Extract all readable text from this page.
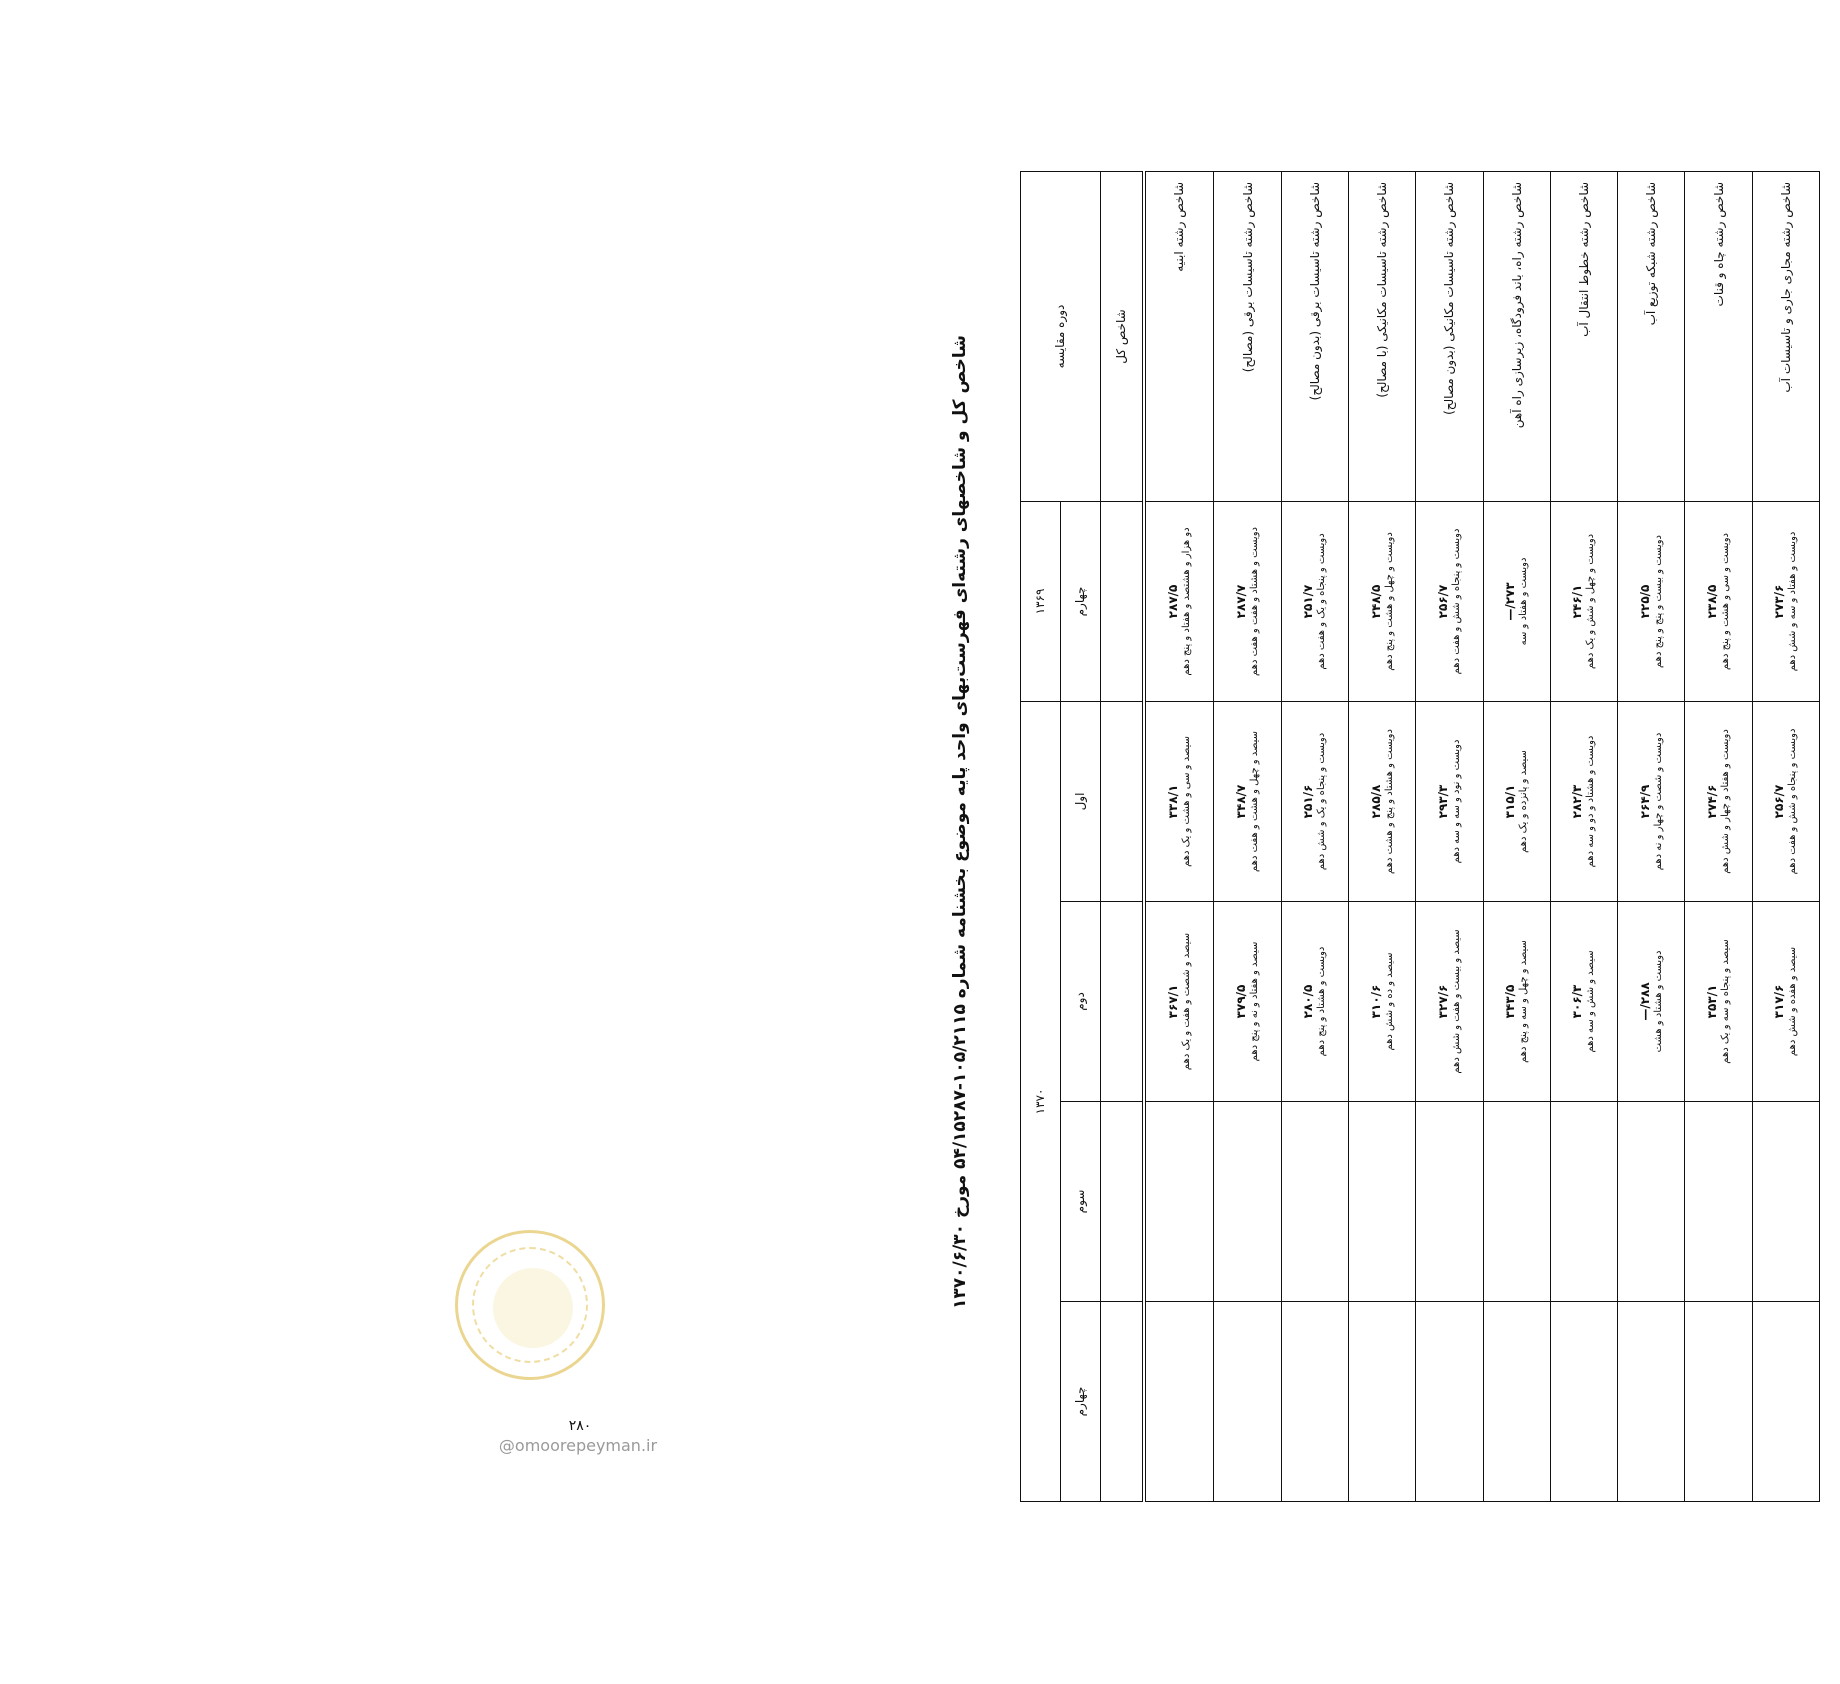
شاخص کل و شاخصهای رشته‌ای فهرست‌بهای واحد پایه موضوع بخشنامه شماره ۱۰۵/۲۱۱۵-۵۴/۱۵۲۸۷ مورخ ۱۳۷۰/۶/۳۰	دوره مقایسه	۱۳۶۹	۱۳۷۰			
	چهارم	اول	دوم	سوم	چهارم
شاخص کل					
شاخص رشته ابنیه	۲۸۷/۵ دو هزار و هشتصد و هفتاد و پنج دهم	۳۳۸/۱ سیصد و سی و هشت و یک دهم	۳۶۷/۱ سیصد و شصت و هفت و یک دهم		

شاخص رشته تاسیسات برقی (مصالح)	۲۸۷/۷ دویست و هشتاد و هفت و هفت دهم	۳۴۸/۷ سیصد و چهل و هشت و هفت دهم	۳۷۹/۵ سیصد و هفتاد و نه و پنج دهم		

شاخص رشته تاسیسات برقی (بدون مصالح)	۲۵۱/۷ دویست و پنجاه و یک و هفت دهم	۲۵۱/۶ دویست و پنجاه و یک و شش دهم	۲۸۰/۵ دویست و هشتاد و پنج دهم		

شاخص رشته تاسیسات مکانیکی (با مصالح)	۲۴۸/۵ دویست و چهل و هشت و پنج دهم	۲۸۵/۸ دویست و هشتاد و پنج و هشت دهم	۳۱۰/۶ سیصد و ده و شش دهم		

شاخص رشته تاسیسات مکانیکی (بدون مصالح)	۲۵۶/۷ دویست و پنجاه و شش و هفت دهم	۲۹۳/۳ دویست و نود و سه و سه دهم	۳۲۷/۶ سیصد و بیست و هفت و شش دهم		

شاخص رشته راه، باند فرودگاه، زیرسازی راه آهن	۲۷۳/— دویست و هفتاد و سه	۳۱۵/۱ سیصد و پانزده و یک دهم	۳۴۳/۵ سیصد و چهل و سه و پنج دهم		

شاخص رشته خطوط انتقال آب	۲۴۶/۱ دویست و چهل و شش و یک دهم	۲۸۲/۳ دویست و هشتاد و دو و سه دهم	۳۰۶/۳ سیصد و شش و سه دهم		

شاخص رشته شبکه توزیع آب	۲۲۵/۵ دویست و بیست و پنج و پنج دهم	۲۶۴/۹ دویست و شصت و چهار و نه دهم	۲۸۸/— دویست و هشتاد و هشت		

شاخص رشته چاه و قنات	۲۳۸/۵ دویست و سی و هشت و پنج دهم	۲۷۴/۶ دویست و هفتاد و چهار و شش دهم	۳۵۳/۱ سیصد و پنجاه و سه و یک دهم		

شاخص رشته مجاری جاری و تاسیسات آب	۲۷۳/۶ دویست و هفتاد و سه و شش دهم	۲۵۶/۷ دویست و پنجاه و شش و هفت دهم	۳۱۷/۶ سیصد و هفده و شش دهم		

۲۸۰
@omoorepeyman.ir
